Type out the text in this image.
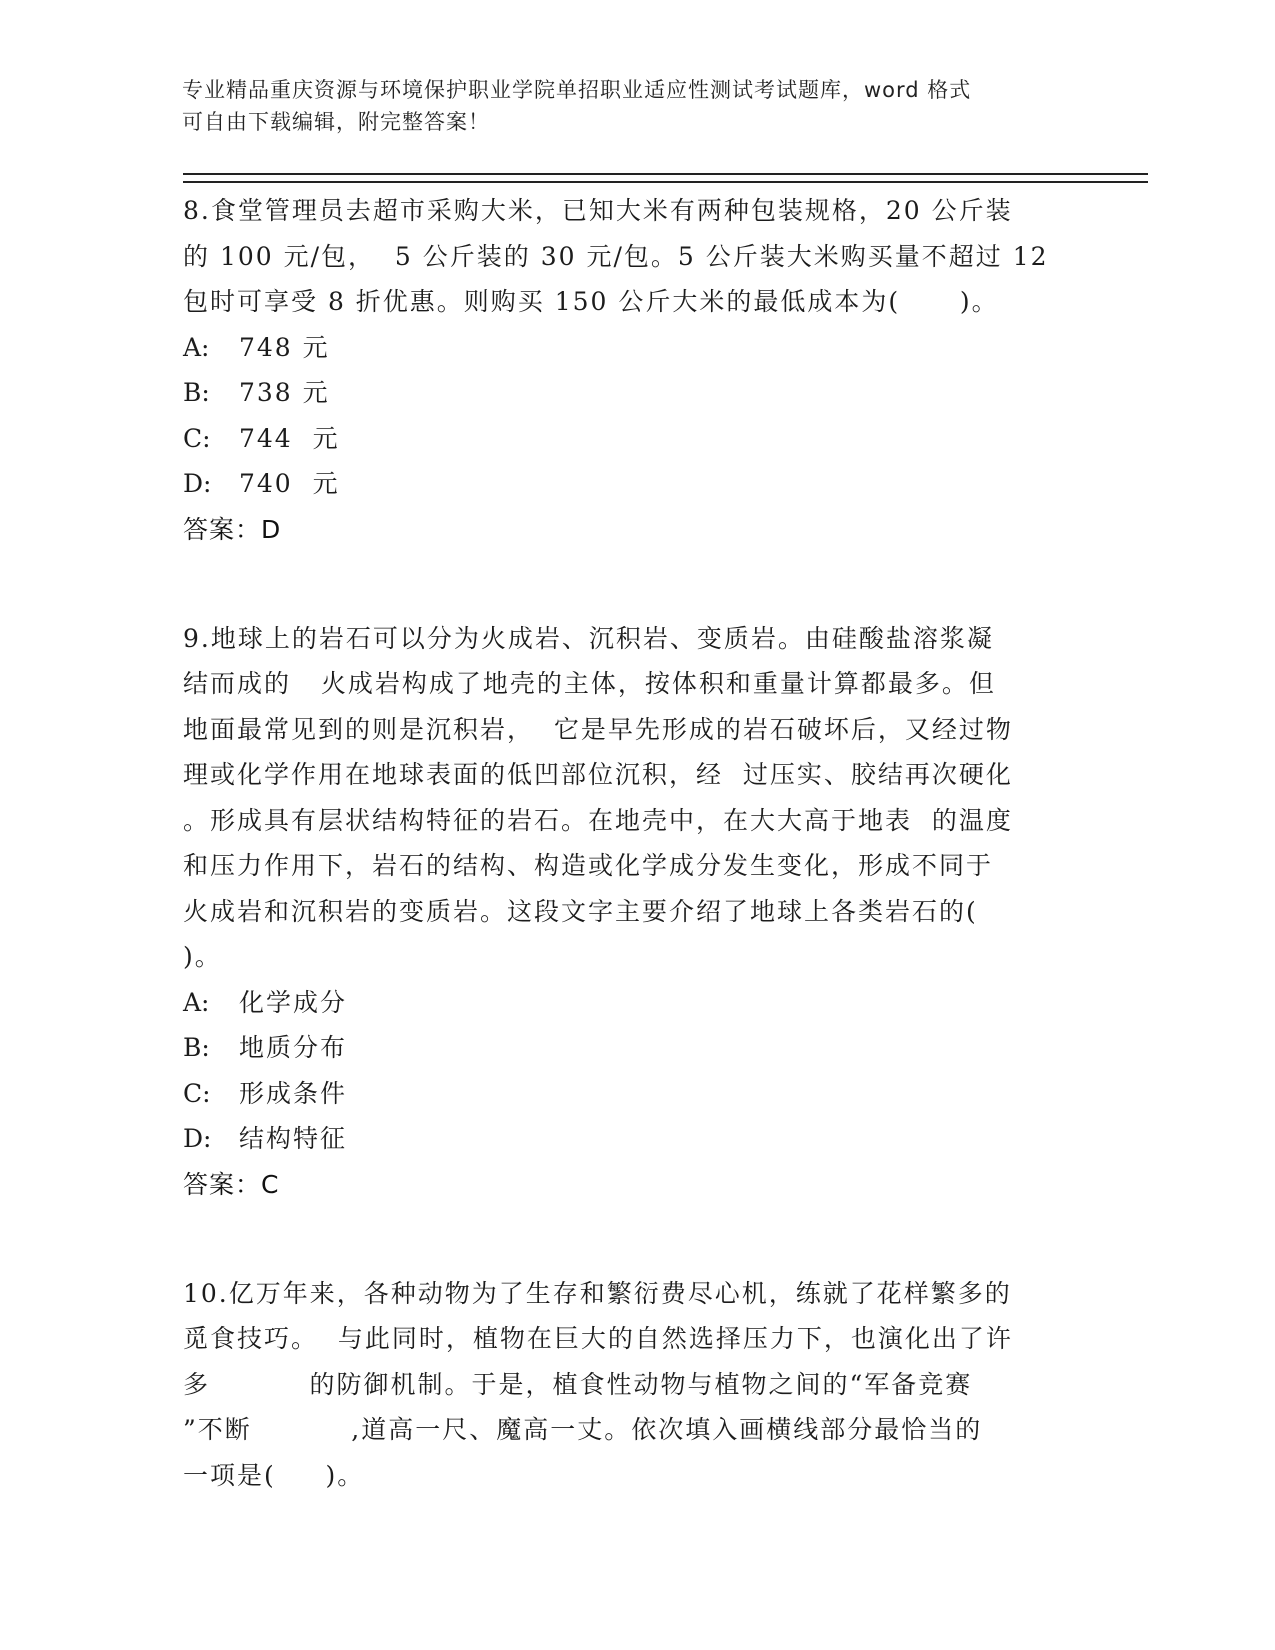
专业精品重庆资源与环境保护职业学院单招职业适应性测试考试题库，word 格式
可自由下载编辑，附完整答案！

8.食堂管理员去超市采购大米，已知大米有两种包装规格，20 公斤装
的 100 元/包，  5 公斤装的 30 元/包。5 公斤装大米购买量不超过 12
包时可享受 8 折优惠。则购买 150 公斤大米的最低成本为(      )。

A: 748 元
B: 738 元
C: 744  元
D: 740  元
答案：D

9.地球上的岩石可以分为火成岩、沉积岩、变质岩。由硅酸盐溶浆凝
结而成的   火成岩构成了地壳的主体，按体积和重量计算都最多。但
地面最常见到的则是沉积岩，  它是早先形成的岩石破坏后，又经过物
理或化学作用在地球表面的低凹部位沉积，经  过压实、胶结再次硬化
。形成具有层状结构特征的岩石。在地壳中，在大大高于地表  的温度
和压力作用下，岩石的结构、构造或化学成分发生变化，形成不同于
火成岩和沉积岩的变质岩。这段文字主要介绍了地球上各类岩石的(
)。

A: 化学成分
B: 地质分布
C: 形成条件
D: 结构特征
答案：C

10.亿万年来，各种动物为了生存和繁衍费尽心机，练就了花样繁多的
觅食技巧。  与此同时，植物在巨大的自然选择压力下，也演化出了许
多          的防御机制。于是，植食性动物与植物之间的“军备竞赛
”不断          ,道高一尺、魔高一丈。依次填入画横线部分最恰当的
一项是(     )。
